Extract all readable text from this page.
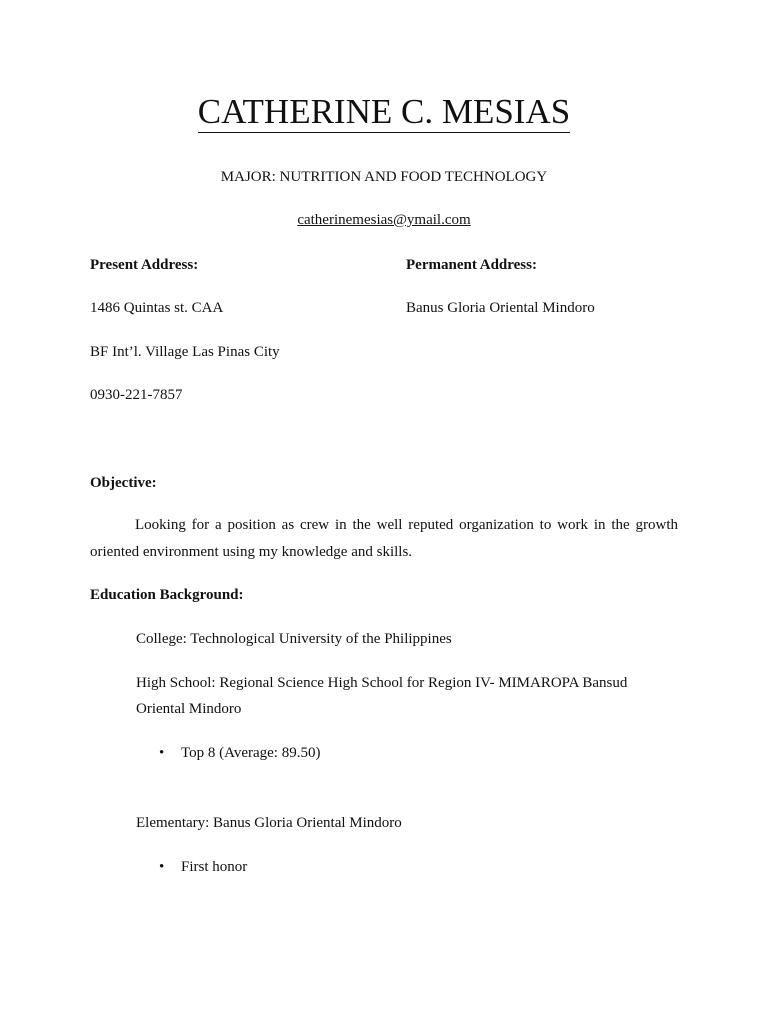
CATHERINE C. MESIAS
MAJOR: NUTRITION AND FOOD TECHNOLOGY
catherinemesias@ymail.com
Present Address:	Permanent Address:
1486 Quintas st. CAA	Banus Gloria Oriental Mindoro
BF Int’l. Village Las Pinas City
0930-221-7857
Objective:

Looking for a position as crew in the well reputed organization to work in the growth oriented environment using my knowledge and skills.

Education Background:
College: Technological University of the Philippines
High School: Regional Science High School for Region IV- MIMAROPA Bansud
Oriental Mindoro
• Top 8 (Average: 89.50)
Elementary: Banus Gloria Oriental Mindoro
• First honor
